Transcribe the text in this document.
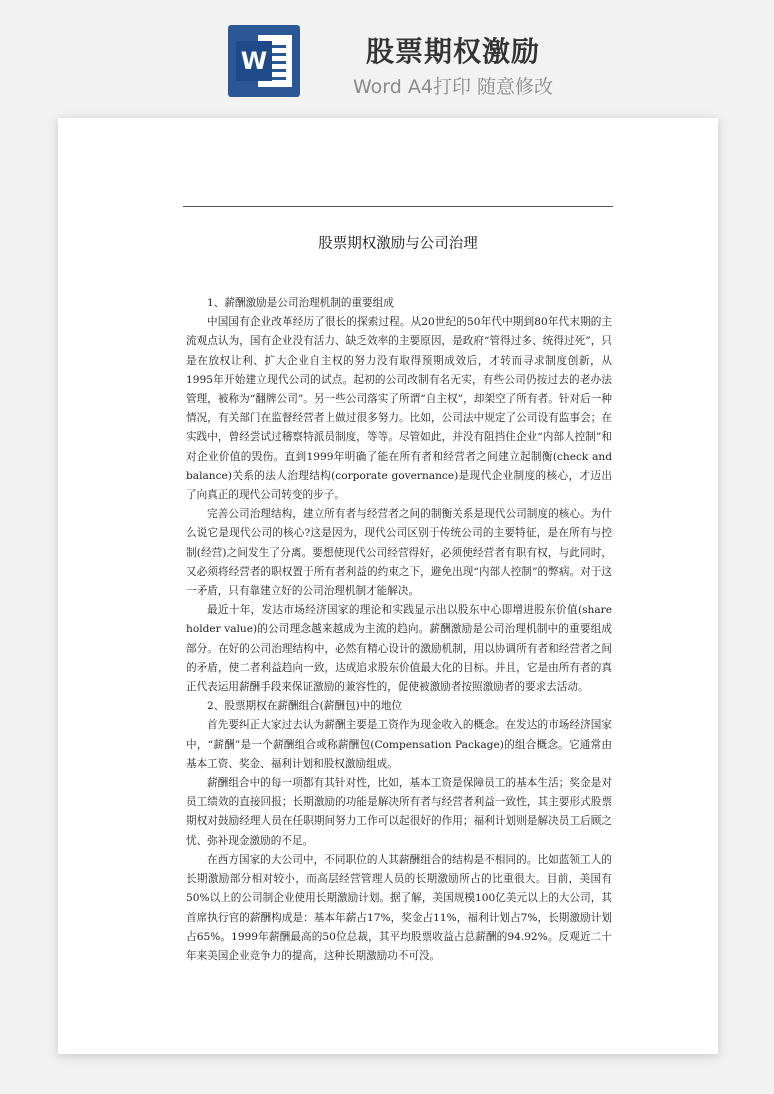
W	股票期权激励
Word A4打印 随意修改
股票期权激励与公司治理

1、薪酬激励是公司治理机制的重要组成

中国国有企业改革经历了很长的探索过程。从20世纪的50年代中期到80年代末期的主流观点认为，国有企业没有活力、缺乏效率的主要原因，是政府“管得过多、统得过死”，只是在放权让利、扩大企业自主权的努力没有取得预期成效后，才转而寻求制度创新，从1995年开始建立现代公司的试点。起初的公司改制有名无实，有些公司仍按过去的老办法管理，被称为“翻牌公司”。另一些公司落实了所谓“自主权”，却架空了所有者。针对后一种情况，有关部门在监督经营者上做过很多努力。比如，公司法中规定了公司设有监事会；在实践中，曾经尝试过稽察特派员制度，等等。尽管如此，并没有阻挡住企业“内部人控制”和对企业价值的毁伤。直到1999年明确了能在所有者和经营者之间建立起制衡(check and balance)关系的法人治理结构(corporate governance)是现代企业制度的核心，才迈出了向真正的现代公司转变的步子。

完善公司治理结构，建立所有者与经营者之间的制衡关系是现代公司制度的核心。为什么说它是现代公司的核心?这是因为，现代公司区别于传统公司的主要特征，是在所有与控制(经营)之间发生了分离。要想使现代公司经营得好，必须使经营者有职有权，与此同时，又必须将经营者的职权置于所有者利益的约束之下，避免出现“内部人控制”的弊病。对于这一矛盾，只有靠建立好的公司治理机制才能解决。

最近十年，发达市场经济国家的理论和实践显示出以股东中心即增进股东价值(share holder value)的公司理念越来越成为主流的趋向。薪酬激励是公司治理机制中的重要组成部分。在好的公司治理结构中，必然有精心设计的激励机制，用以协调所有者和经营者之间的矛盾，使二者利益趋向一致，达成追求股东价值最大化的目标。并且，它是由所有者的真正代表运用薪酬手段来保证激励的兼容性的，促使被激励者按照激励者的要求去活动。

2、股票期权在薪酬组合(薪酬包)中的地位

首先要纠正大家过去认为薪酬主要是工资作为现金收入的概念。在发达的市场经济国家中，“薪酬”是一个薪酬组合或称薪酬包(Compensation Package)的组合概念。它通常由基本工资、奖金、福利计划和股权激励组成。

薪酬组合中的每一项都有其针对性，比如，基本工资是保障员工的基本生活；奖金是对员工绩效的直接回报；长期激励的功能是解决所有者与经营者利益一致性，其主要形式股票期权对鼓励经理人员在任职期间努力工作可以起很好的作用；福利计划则是解决员工后顾之忧、弥补现金激励的不足。

在西方国家的大公司中，不同职位的人其薪酬组合的结构是不相同的。比如蓝领工人的长期激励部分相对较小，而高层经营管理人员的长期激励所占的比重很大。目前，美国有50%以上的公司制企业使用长期激励计划。据了解，美国规模100亿美元以上的大公司，其首席执行官的薪酬构成是：基本年薪占17%，奖金占11%，福利计划占7%，长期激励计划占65%。1999年薪酬最高的50位总裁，其平均股票收益占总薪酬的94.92%。反观近二十年来美国企业竞争力的提高，这种长期激励功不可没。
